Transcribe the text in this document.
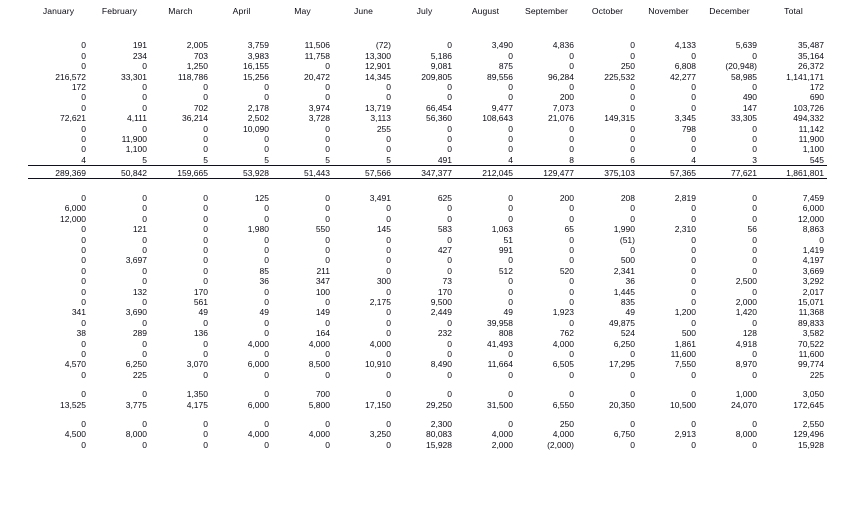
	January	February	March	April	May	June	July	August	September	October	November	December	Total	

	0	191	2,005	3,759	11,506	(72)	0	3,490	4,836	0	4,133	5,639	35,487	
	0	234	703	3,983	11,758	13,300	5,186	0	0	0	0	0	35,164	
	0	0	1,250	16,155	0	12,901	9,081	875	0	250	6,808	(20,948)	26,372	
	216,572	33,301	118,786	15,256	20,472	14,345	209,805	89,556	96,284	225,532	42,277	58,985	1,141,171	
	172	0	0	0	0	0	0	0	0	0	0	0	172	
	0	0	0	0	0	0	0	0	200	0	0	490	690	
	0	0	702	2,178	3,974	13,719	66,454	9,477	7,073	0	0	147	103,726	
	72,621	4,111	36,214	2,502	3,728	3,113	56,360	108,643	21,076	149,315	3,345	33,305	494,332	
	0	0	0	10,090	0	255	0	0	0	0	798	0	11,142	
	0	11,900	0	0	0	0	0	0	0	0	0	0	11,900	
	0	1,100	0	0	0	0	0	0	0	0	0	0	1,100	
	4	5	5	5	5	5	491	4	8	6	4	3	545	
	289,369	50,842	159,665	53,928	51,443	57,566	347,377	212,045	129,477	375,103	57,365	77,621	1,861,801	

	0	0	0	125	0	3,491	625	0	200	208	2,819	0	7,459	
	6,000	0	0	0	0	0	0	0	0	0	0	0	6,000	
	12,000	0	0	0	0	0	0	0	0	0	0	0	12,000	
	0	121	0	1,980	550	145	583	1,063	65	1,990	2,310	56	8,863	
	0	0	0	0	0	0	0	51	0	(51)	0	0	0	
	0	0	0	0	0	0	427	991	0	0	0	0	1,419	
	0	3,697	0	0	0	0	0	0	0	500	0	0	4,197	
	0	0	0	85	211	0	0	512	520	2,341	0	0	3,669	
	0	0	0	36	347	300	73	0	0	36	0	2,500	3,292	
	0	132	170	0	100	0	170	0	0	1,445	0	0	2,017	
	0	0	561	0	0	2,175	9,500	0	0	835	0	2,000	15,071	
	341	3,690	49	49	149	0	2,449	49	1,923	49	1,200	1,420	11,368	
	0	0	0	0	0	0	0	39,958	0	49,875	0	0	89,833	
	38	289	136	0	164	0	232	808	762	524	500	128	3,582	
	0	0	0	4,000	4,000	4,000	0	41,493	4,000	6,250	1,861	4,918	70,522	
	0	0	0	0	0	0	0	0	0	0	11,600	0	11,600	
	4,570	6,250	3,070	6,000	8,500	10,910	8,490	11,664	6,505	17,295	7,550	8,970	99,774	
	0	225	0	0	0	0	0	0	0	0	0	0	225	

	0	0	1,350	0	700	0	0	0	0	0	0	1,000	3,050	
	13,525	3,775	4,175	6,000	5,800	17,150	29,250	31,500	6,550	20,350	10,500	24,070	172,645	

	0	0	0	0	0	0	2,300	0	250	0	0	0	2,550	
	4,500	8,000	0	4,000	4,000	3,250	80,083	4,000	4,000	6,750	2,913	8,000	129,496	
	0	0	0	0	0	0	15,928	2,000	(2,000)	0	0	0	15,928	
